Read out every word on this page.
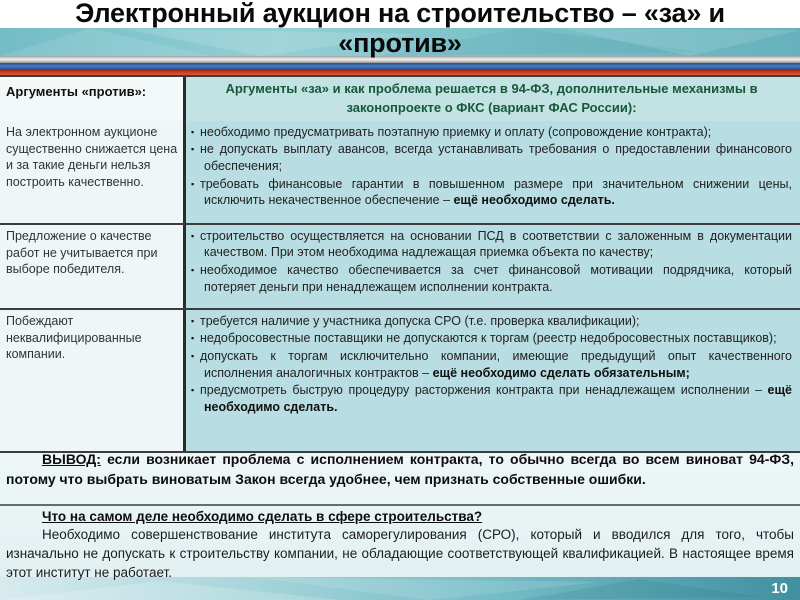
Электронный аукцион на строительство – «за» и «против»
Аргументы «против»:	Аргументы «за» и как проблема решается в 94-ФЗ, дополнительные механизмы в законопроекте о ФКС (вариант ФАС России):
На электронном аукционе существенно снижается цена и за такие деньги нельзя построить качественно.
▪ необходимо предусматривать поэтапную приемку и оплату (сопровождение контракта);
▪ не допускать выплату авансов, всегда устанавливать требования о предоставлении финансового обеспечения;
▪ требовать финансовые гарантии в повышенном размере при значительном снижении цены, исключить некачественное обеспечение – ещё необходимо сделать.
Предложение о качестве работ не учитывается при выборе победителя.
▪ строительство осуществляется на основании ПСД в соответствии с заложенным в документации качеством. При этом необходима надлежащая приемка объекта по качеству;
▪ необходимое качество обеспечивается за счет финансовой мотивации подрядчика, который потеряет деньги при ненадлежащем исполнении контракта.
Побеждают неквалифицированные компании.
▪ требуется наличие у участника допуска СРО (т.е. проверка квалификации);
▪ недобросовестные поставщики не допускаются к торгам (реестр недобросовестных поставщиков);
▪ допускать к торгам исключительно компании, имеющие предыдущий опыт качественного исполнения аналогичных контрактов – ещё необходимо сделать обязательным;
▪ предусмотреть быструю процедуру расторжения контракта при ненадлежащем исполнении – ещё необходимо сделать.
ВЫВОД: если возникает проблема с исполнением контракта, то обычно всегда во всем виноват 94-ФЗ, потому что выбрать виноватым Закон всегда удобнее, чем признать собственные ошибки.
Что на самом деле необходимо сделать в сфере строительства?
Необходимо совершенствование института саморегулирования (СРО), который и вводился для того, чтобы изначально не допускать к строительству компании, не обладающие соответствующей квалификацией. В настоящее время этот институт не работает.
10
